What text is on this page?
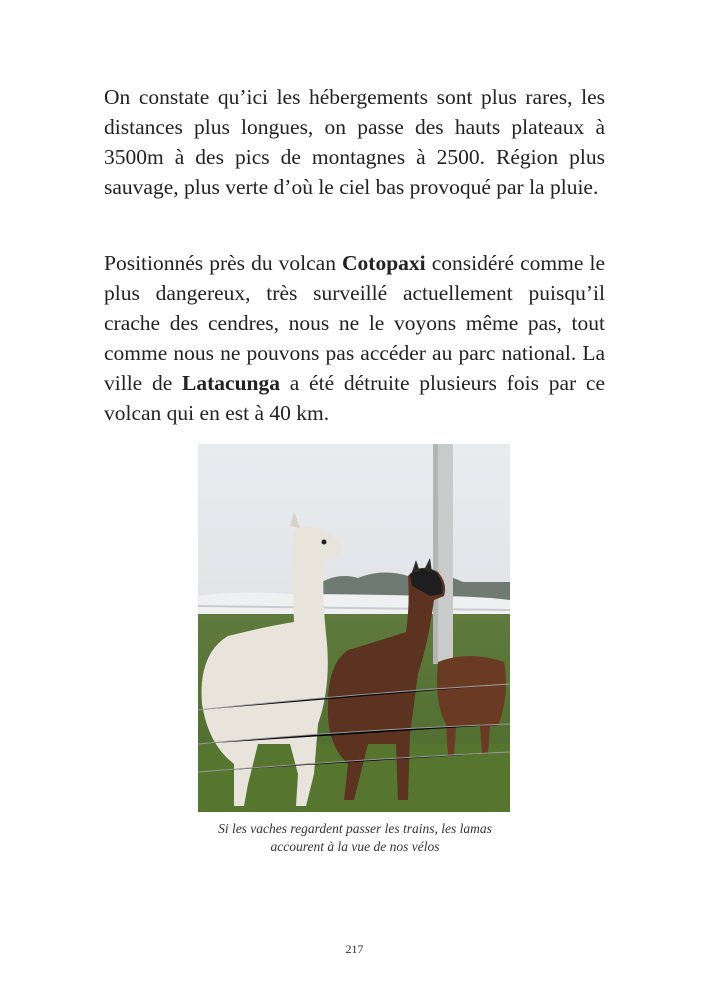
On constate qu’ici les hébergements sont plus rares, les distances plus longues, on passe des hauts plateaux à 3500m à des pics de montagnes à 2500. Région plus sauvage, plus verte d’où le ciel bas provoqué par la pluie.

Positionnés près du volcan Cotopaxi considéré comme le plus dangereux, très surveillé actuellement puisqu’il crache des cendres, nous ne le voyons même pas, tout comme nous ne pouvons pas accéder au parc national. La ville de Latacunga a été détruite plusieurs fois par ce volcan qui en est à 40 km.

Si les vaches regardent passer les trains, les lamas
accourent à la vue de nos vélos
217
